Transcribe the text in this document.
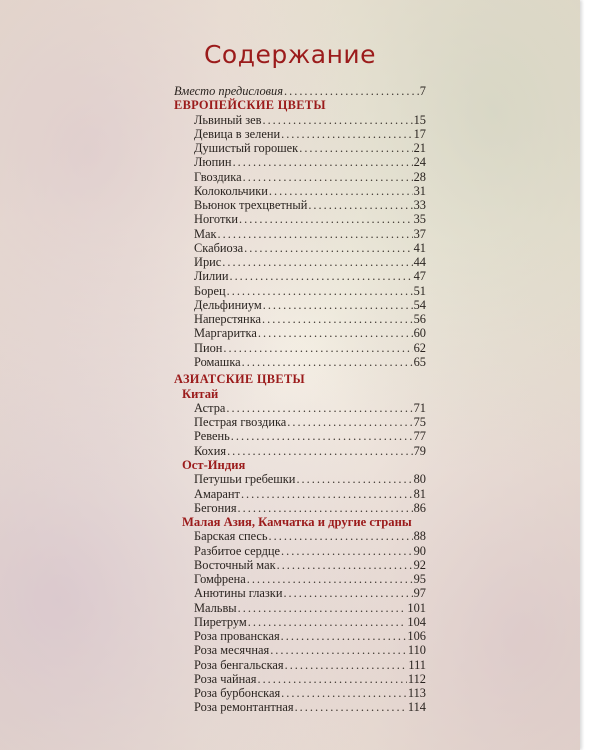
Содержание
Вместо предисловия .....	7
ЕВРОПЕЙСКИЕ ЦВЕТЫ
Львиный зев .....	15
Девица в зелени .....	17
Душистый горошек .....	21
Люпин .....	24
Гвоздика .....	28
Колокольчики .....	31
Вьюнок трехцветный .....	33
Ноготки .....	35
Мак .....	37
Скабиоза .....	41
Ирис .....	44
Лилии .....	47
Борец .....	51
Дельфиниум .....	54
Наперстянка .....	56
Маргаритка .....	60
Пион .....	62
Ромашка .....	65
АЗИАТСКИЕ ЦВЕТЫ
Китай
Астра .....	71
Пестрая гвоздика .....	75
Ревень .....	77
Кохия .....	79
Ост-Индия
Петушьи гребешки .....	80
Амарант .....	81
Бегония .....	86
Малая Азия, Камчатка и другие страны
Барская спесь .....	88
Разбитое сердце .....	90
Восточный мак .....	92
Гомфрена .....	95
Анютины глазки .....	97
Мальвы .....	101
Пиретрум .....	104
Роза прованская .....	106
Роза месячная .....	110
Роза бенгальская .....	111
Роза чайная .....	112
Роза бурбонская .....	113
Роза ремонтантная .....	114
